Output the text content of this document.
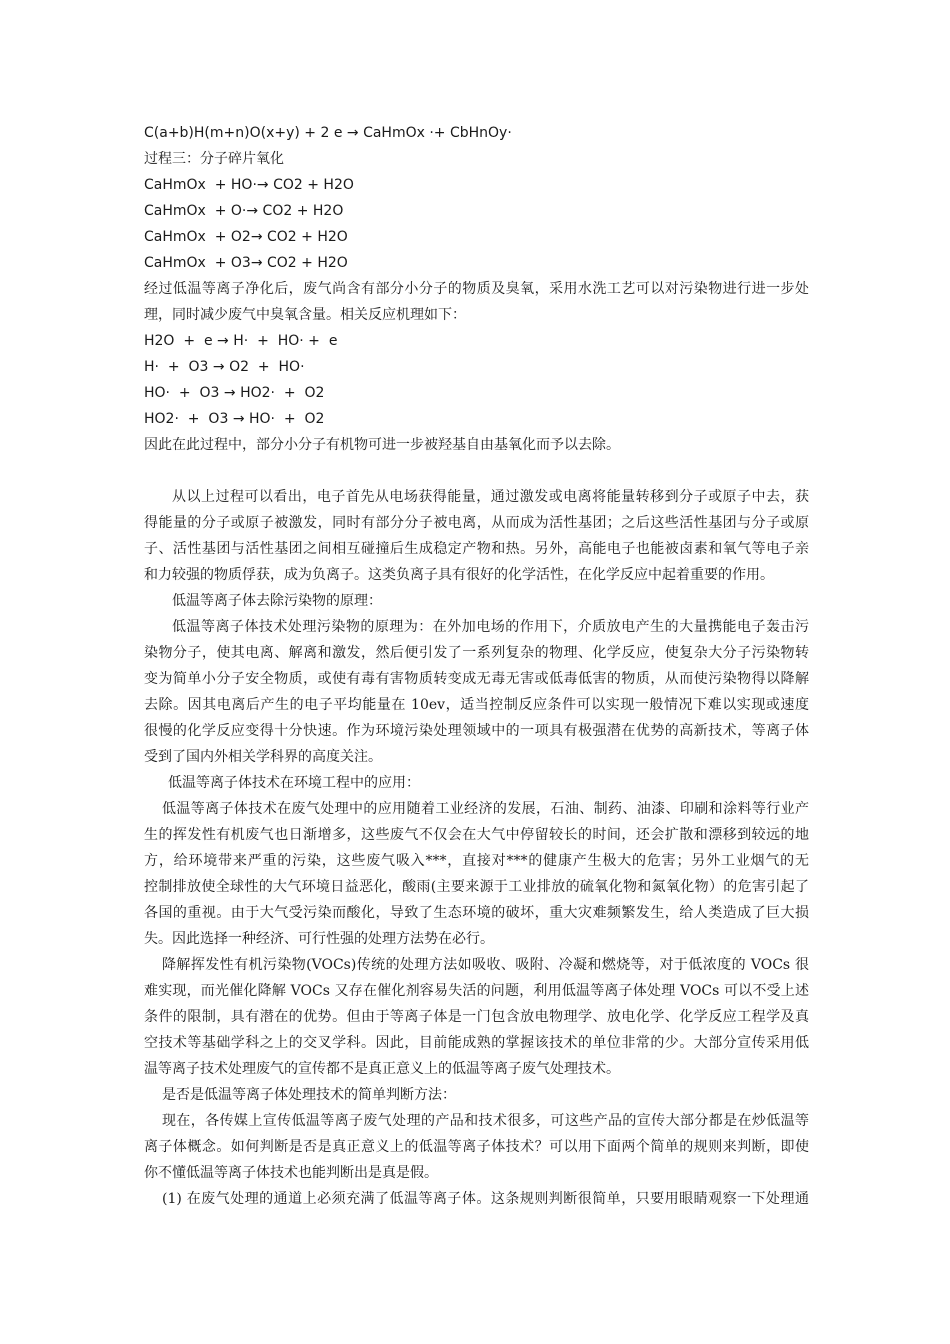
C(a+b)H(m+n)O(x+y) + 2 e → CaHmOx ·+ CbHnOy·
过程三：分子碎片氧化
CaHmOx  + HO·→ CO2 + H2O
CaHmOx  + O·→ CO2 + H2O
CaHmOx  + O2→ CO2 + H2O
CaHmOx  + O3→ CO2 + H2O
经过低温等离子净化后，废气尚含有部分小分子的物质及臭氧，采用水洗工艺可以对污染物进行进一步处
理，同时减少废气中臭氧含量。相关反应机理如下：
H2O  +  e → H·  +  HO· +  e
H·  +  O3 → O2  +  HO·
HO·  +  O3 → HO2·  +  O2
HO2·  +  O3 → HO·  +  O2
因此在此过程中，部分小分子有机物可进一步被羟基自由基氧化而予以去除。
从以上过程可以看出，电子首先从电场获得能量，通过激发或电离将能量转移到分子或原子中去，获
得能量的分子或原子被激发，同时有部分分子被电离，从而成为活性基团；之后这些活性基团与分子或原
子、活性基团与活性基团之间相互碰撞后生成稳定产物和热。另外，高能电子也能被卤素和氧气等电子亲
和力较强的物质俘获，成为负离子。这类负离子具有很好的化学活性，在化学反应中起着重要的作用。
低温等离子体去除污染物的原理：
低温等离子体技术处理污染物的原理为：在外加电场的作用下，介质放电产生的大量携能电子轰击污
染物分子，使其电离、解离和激发，然后便引发了一系列复杂的物理、化学反应，使复杂大分子污染物转
变为简单小分子安全物质，或使有毒有害物质转变成无毒无害或低毒低害的物质，从而使污染物得以降解
去除。因其电离后产生的电子平均能量在 10ev，适当控制反应条件可以实现一般情况下难以实现或速度
很慢的化学反应变得十分快速。作为环境污染处理领域中的一项具有极强潜在优势的高新技术，等离子体
受到了国内外相关学科界的高度关注。
低温等离子体技术在环境工程中的应用：
低温等离子体技术在废气处理中的应用随着工业经济的发展，石油、制药、油漆、印刷和涂料等行业产
生的挥发性有机废气也日渐增多，这些废气不仅会在大气中停留较长的时间，还会扩散和漂移到较远的地
方，给环境带来严重的污染，这些废气吸入***，直接对***的健康产生极大的危害；另外工业烟气的无
控制排放使全球性的大气环境日益恶化，酸雨(主要来源于工业排放的硫氧化物和氮氧化物）的危害引起了
各国的重视。由于大气受污染而酸化，导致了生态环境的破坏，重大灾难频繁发生，给人类造成了巨大损
失。因此选择一种经济、可行性强的处理方法势在必行。
降解挥发性有机污染物(VOCs)传统的处理方法如吸收、吸附、冷凝和燃烧等，对于低浓度的 VOCs 很
难实现，而光催化降解 VOCs 又存在催化剂容易失活的问题，利用低温等离子体处理 VOCs 可以不受上述
条件的限制，具有潜在的优势。但由于等离子体是一门包含放电物理学、放电化学、化学反应工程学及真
空技术等基础学科之上的交叉学科。因此，目前能成熟的掌握该技术的单位非常的少。大部分宣传采用低
温等离子技术处理废气的宣传都不是真正意义上的低温等离子废气处理技术。
是否是低温等离子体处理技术的简单判断方法：
现在，各传媒上宣传低温等离子废气处理的产品和技术很多，可这些产品的宣传大部分都是在炒低温等
离子体概念。如何判断是否是真正意义上的低温等离子体技术？可以用下面两个简单的规则来判断，即使
你不懂低温等离子体技术也能判断出是真是假。
(1) 在废气处理的通道上必须充满了低温等离子体。这条规则判断很简单，只要用眼睛观察一下处理通
